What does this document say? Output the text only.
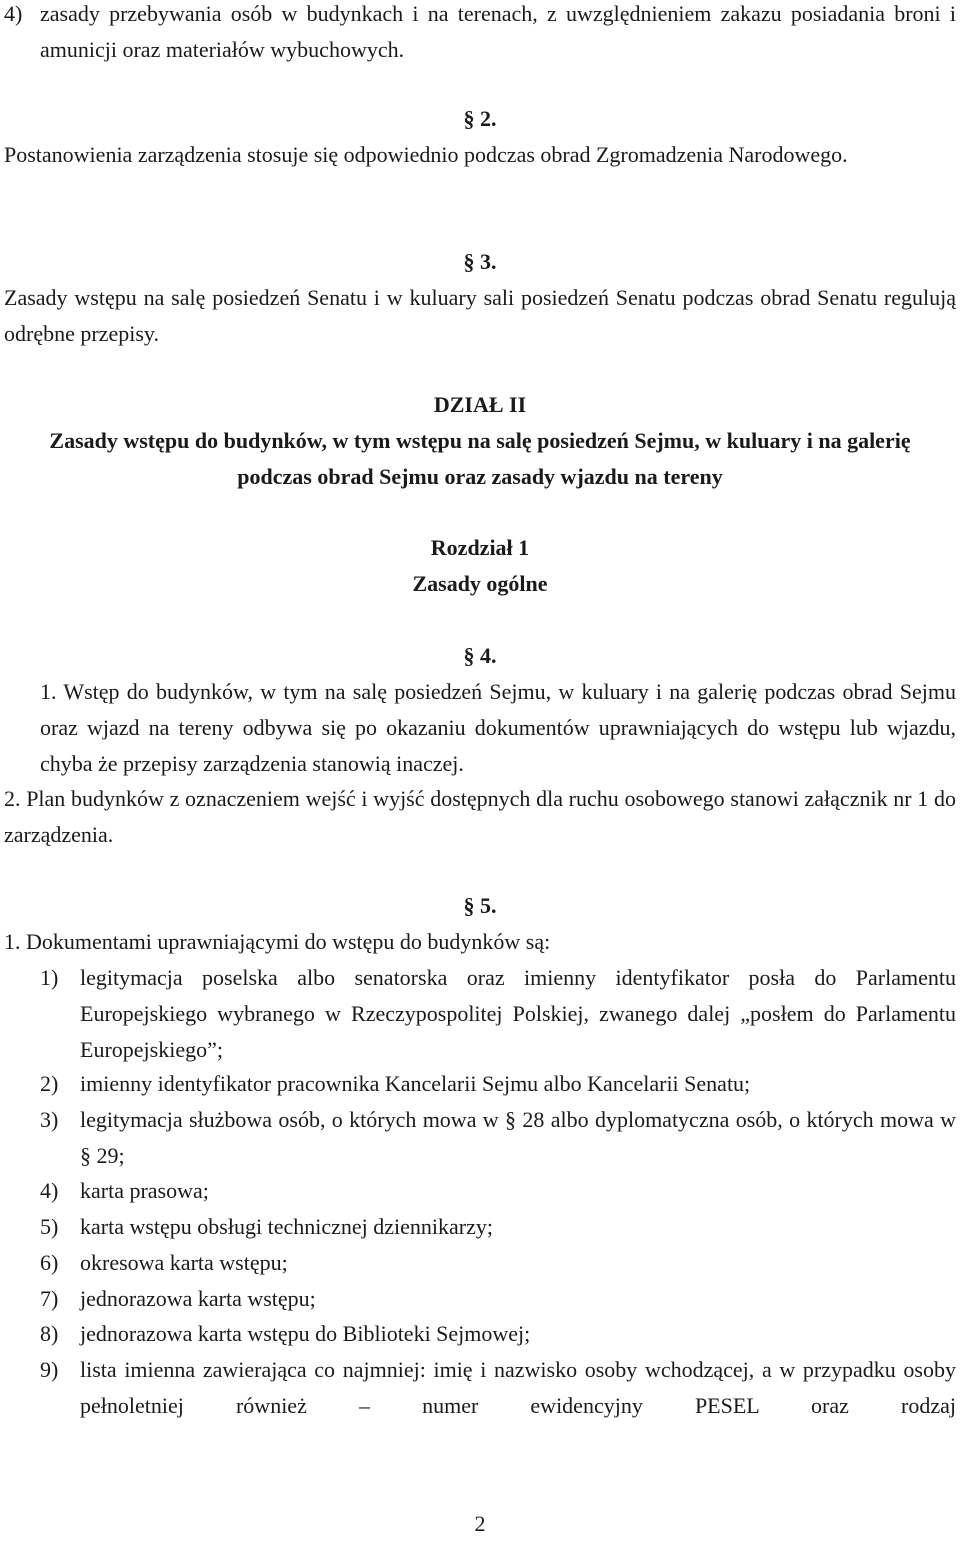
4) zasady przebywania osób w budynkach i na terenach, z uwzględnieniem zakazu posiadania broni i amunicji oraz materiałów wybuchowych.
§ 2.
Postanowienia zarządzenia stosuje się odpowiednio podczas obrad Zgromadzenia Narodowego.
§ 3.
Zasady wstępu na salę posiedzeń Senatu i w kuluary sali posiedzeń Senatu podczas obrad Senatu regulują odrębne przepisy.
DZIAŁ II
Zasady wstępu do budynków, w tym wstępu na salę posiedzeń Sejmu, w kuluary i na galerię podczas obrad Sejmu oraz zasady wjazdu na tereny
Rozdział 1
Zasady ogólne
§ 4.
1. Wstęp do budynków, w tym na salę posiedzeń Sejmu, w kuluary i na galerię podczas obrad Sejmu oraz wjazd na tereny odbywa się po okazaniu dokumentów uprawniających do wstępu lub wjazdu, chyba że przepisy zarządzenia stanowią inaczej.
2. Plan budynków z oznaczeniem wejść i wyjść dostępnych dla ruchu osobowego stanowi załącznik nr 1 do zarządzenia.
§ 5.
1. Dokumentami uprawniającymi do wstępu do budynków są:
1) legitymacja poselska albo senatorska oraz imienny identyfikator posła do Parlamentu Europejskiego wybranego w Rzeczypospolitej Polskiej, zwanego dalej „posłem do Parlamentu Europejskiego”;
2) imienny identyfikator pracownika Kancelarii Sejmu albo Kancelarii Senatu;
3) legitymacja służbowa osób, o których mowa w § 28 albo dyplomatyczna osób, o których mowa w § 29;
4) karta prasowa;
5) karta wstępu obsługi technicznej dziennikarzy;
6) okresowa karta wstępu;
7) jednorazowa karta wstępu;
8) jednorazowa karta wstępu do Biblioteki Sejmowej;
9) lista imienna zawierająca co najmniej: imię i nazwisko osoby wchodzącej, a w przypadku osoby pełnoletniej również – numer ewidencyjny PESEL oraz rodzaj
2
